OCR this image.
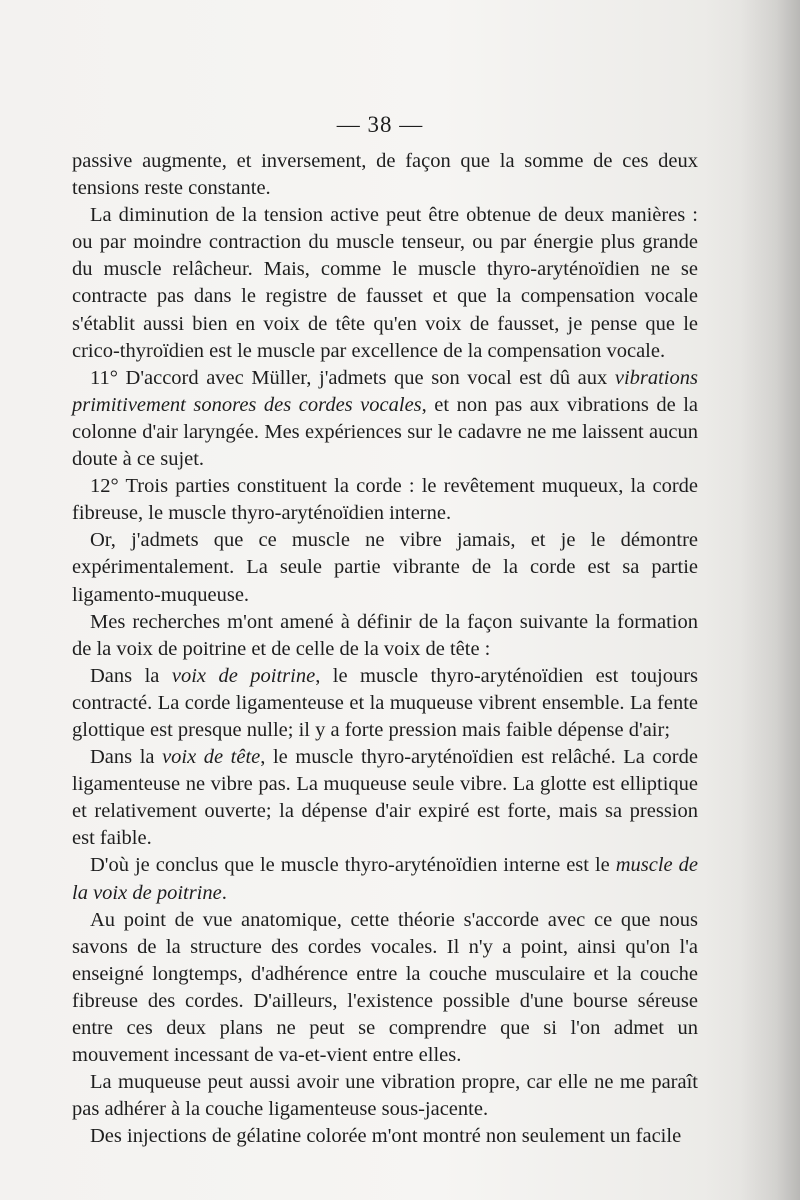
— 38 —

passive augmente, et inversement, de façon que la somme de ces deux tensions reste constante.

La diminution de la tension active peut être obtenue de deux manières : ou par moindre contraction du muscle tenseur, ou par énergie plus grande du muscle relâcheur. Mais, comme le muscle thyro-aryténoïdien ne se contracte pas dans le registre de fausset et que la compensation vocale s'établit aussi bien en voix de tête qu'en voix de fausset, je pense que le crico-thyroïdien est le muscle par excellence de la compensation vocale.

11° D'accord avec Müller, j'admets que son vocal est dû aux vibrations primitivement sonores des cordes vocales, et non pas aux vibrations de la colonne d'air laryngée. Mes expériences sur le cadavre ne me laissent aucun doute à ce sujet.

12° Trois parties constituent la corde : le revêtement muqueux, la corde fibreuse, le muscle thyro-aryténoïdien interne.

Or, j'admets que ce muscle ne vibre jamais, et je le démontre expérimentalement. La seule partie vibrante de la corde est sa partie ligamento-muqueuse.

Mes recherches m'ont amené à définir de la façon suivante la formation de la voix de poitrine et de celle de la voix de tête :

Dans la voix de poitrine, le muscle thyro-aryténoïdien est toujours contracté. La corde ligamenteuse et la muqueuse vibrent ensemble. La fente glottique est presque nulle; il y a forte pression mais faible dépense d'air;

Dans la voix de tête, le muscle thyro-aryténoïdien est relâché. La corde ligamenteuse ne vibre pas. La muqueuse seule vibre. La glotte est elliptique et relativement ouverte; la dépense d'air expiré est forte, mais sa pression est faible.

D'où je conclus que le muscle thyro-aryténoïdien interne est le muscle de la voix de poitrine.

Au point de vue anatomique, cette théorie s'accorde avec ce que nous savons de la structure des cordes vocales. Il n'y a point, ainsi qu'on l'a enseigné longtemps, d'adhérence entre la couche musculaire et la couche fibreuse des cordes. D'ailleurs, l'existence possible d'une bourse séreuse entre ces deux plans ne peut se comprendre que si l'on admet un mouvement incessant de va-et-vient entre elles.

La muqueuse peut aussi avoir une vibration propre, car elle ne me paraît pas adhérer à la couche ligamenteuse sous-jacente.

Des injections de gélatine colorée m'ont montré non seulement un facile
